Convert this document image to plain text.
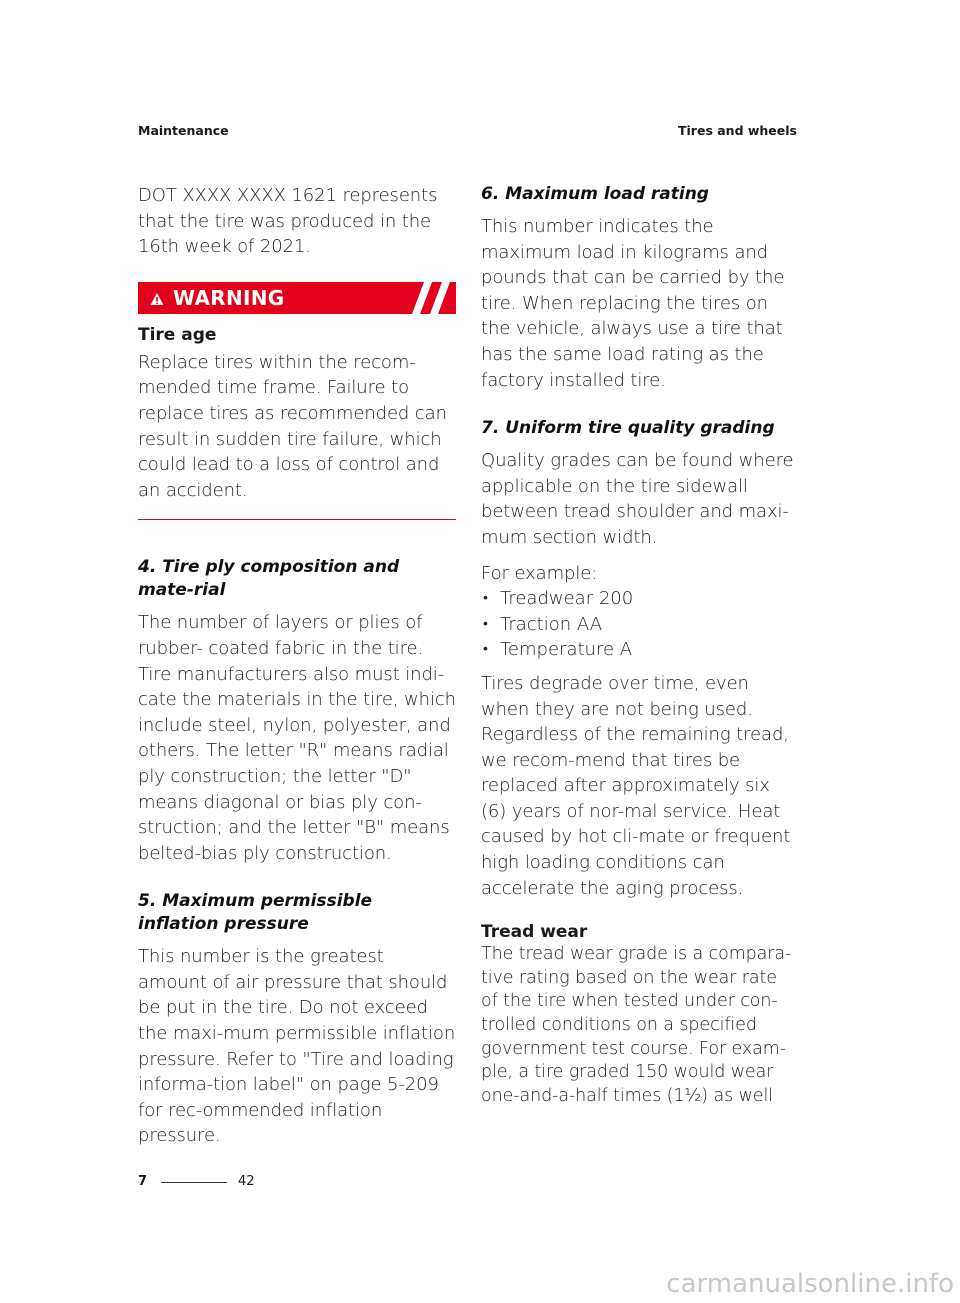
Maintenance	Tires and wheels

DOT XXXX XXXX 1621 represents that the tire was produced in the 16th week of 2021.

WARNING
Tire age

Replace tires within the recom-mended time frame. Failure to replace tires as recommended can result in sudden tire failure, which could lead to a loss of control and an accident.

4. Tire ply composition and mate-rial

The number of layers or plies of rubber- coated fabric in the tire. Tire manufacturers also must indi-cate the materials in the tire, which include steel, nylon, polyester, and others. The letter "R" means radial ply construction; the letter "D" means diagonal or bias ply con-struction; and the letter "B" means belted-bias ply construction.

5. Maximum permissible inflation pressure

This number is the greatest amount of air pressure that should be put in the tire. Do not exceed the maxi-mum permissible inflation pressure. Refer to "Tire and loading informa-tion label" on page 5-209 for rec-ommended inflation pressure.

6. Maximum load rating

This number indicates the maximum load in kilograms and pounds that can be carried by the tire. When replacing the tires on the vehicle, always use a tire that has the same load rating as the factory installed tire.

7. Uniform tire quality grading

Quality grades can be found where applicable on the tire sidewall between tread shoulder and maxi-mum section width.

For example:

• Treadwear 200
• Traction AA
• Temperature A

Tires degrade over time, even when they are not being used. Regardless of the remaining tread, we recom-mend that tires be replaced after approximately six (6) years of nor-mal service. Heat caused by hot cli-mate or frequent high loading conditions can accelerate the aging process.

Tread wear

The tread wear grade is a compara-tive rating based on the wear rate of the tire when tested under con-trolled conditions on a specified government test course. For exam-ple, a tire graded 150 would wear one-and-a-half times (1½) as well

7	42
carmanualsonline.info
